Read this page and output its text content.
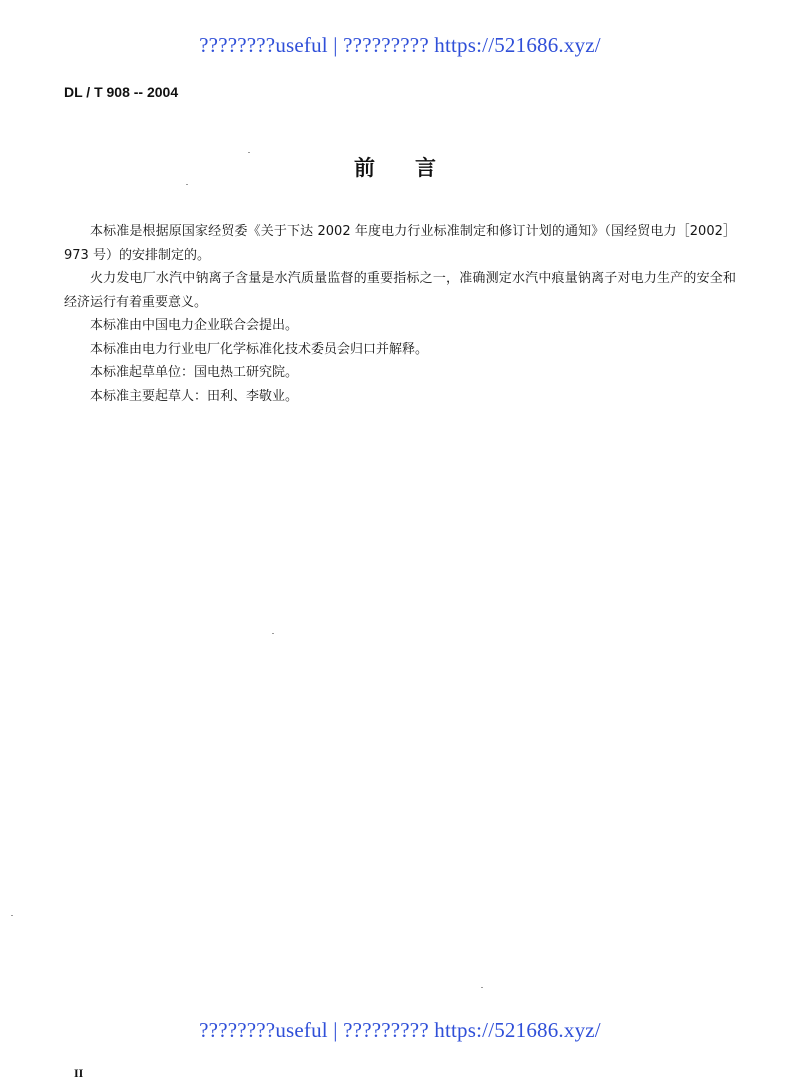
????????useful | ????????? https://521686.xyz/
DL / T 908 -- 2004
前言

本标准是根据原国家经贸委《关于下达 2002 年度电力行业标准制定和修订计划的通知》（国经贸电力［2002］973 号）的安排制定的。

火力发电厂水汽中钠离子含量是水汽质量监督的重要指标之一，准确测定水汽中痕量钠离子对电力生产的安全和经济运行有着重要意义。

本标准由中国电力企业联合会提出。

本标准由电力行业电厂化学标准化技术委员会归口并解释。

本标准起草单位：国电热工研究院。

本标准主要起草人：田利、李敬业。

????????useful | ????????? https://521686.xyz/
II
